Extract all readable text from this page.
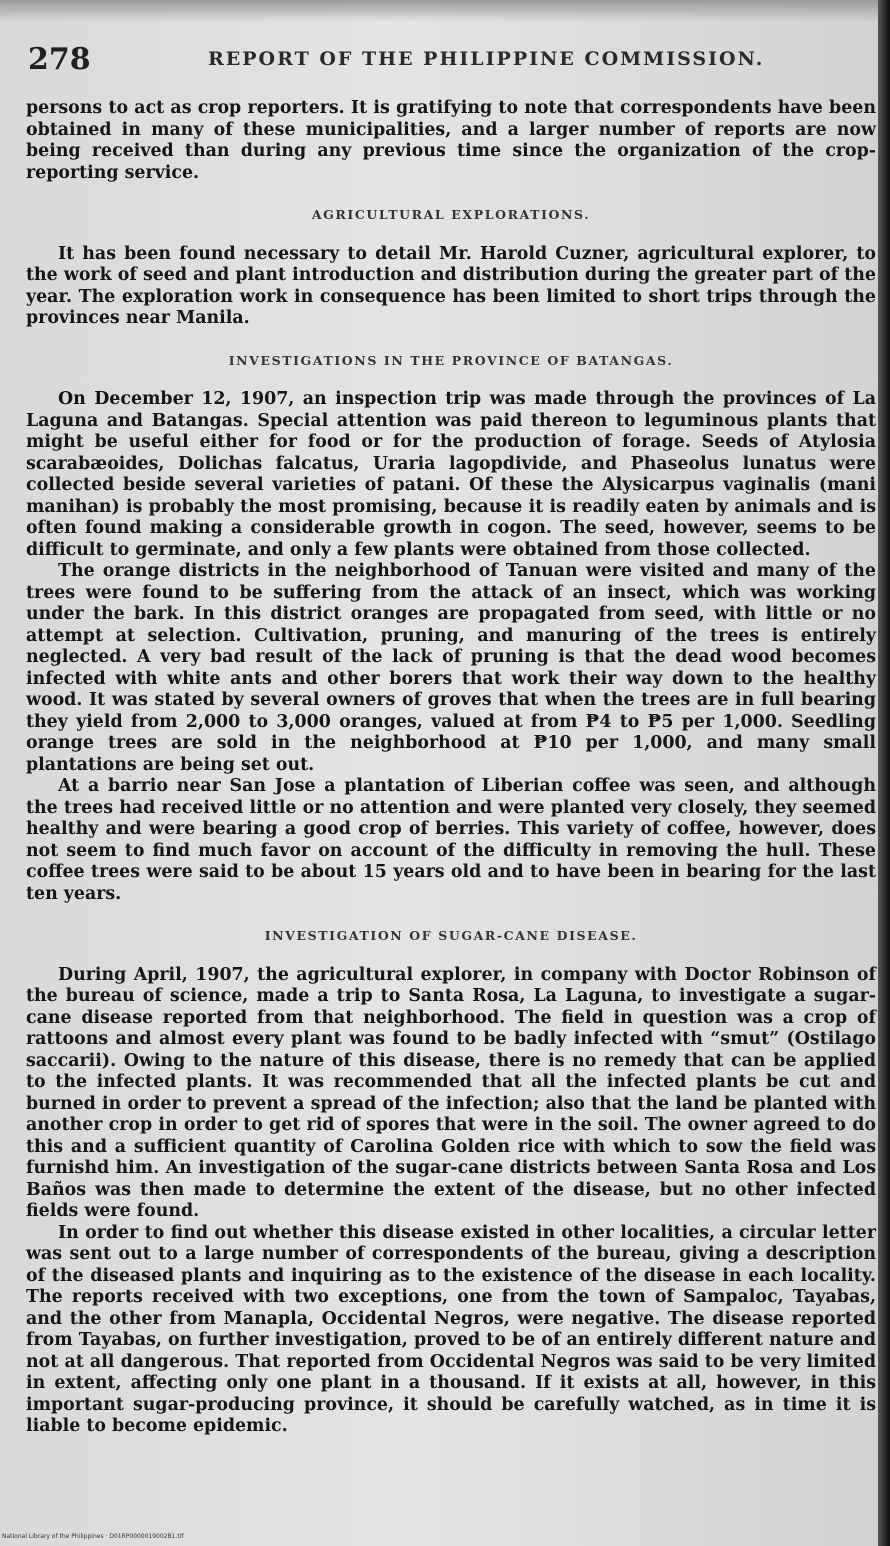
278	REPORT OF THE PHILIPPINE COMMISSION.

persons to act as crop reporters. It is gratifying to note that correspondents have been obtained in many of these municipalities, and a larger number of reports are now being received than during any previous time since the organization of the crop-reporting service.

AGRICULTURAL EXPLORATIONS.

It has been found necessary to detail Mr. Harold Cuzner, agricultural explorer, to the work of seed and plant introduction and distribution during the greater part of the year. The exploration work in consequence has been limited to short trips through the provinces near Manila.

INVESTIGATIONS IN THE PROVINCE OF BATANGAS.

On December 12, 1907, an inspection trip was made through the provinces of La Laguna and Batangas. Special attention was paid thereon to leguminous plants that might be useful either for food or for the production of forage. Seeds of Atylosia scarabæoides, Dolichas falcatus, Uraria lagopdivide, and Phaseolus lunatus were collected beside several varieties of patani. Of these the Alysicarpus vaginalis (mani manihan) is probably the most promising, because it is readily eaten by animals and is often found making a considerable growth in cogon. The seed, however, seems to be difficult to germinate, and only a few plants were obtained from those collected.

The orange districts in the neighborhood of Tanuan were visited and many of the trees were found to be suffering from the attack of an insect, which was working under the bark. In this district oranges are propagated from seed, with little or no attempt at selection. Cultivation, pruning, and manuring of the trees is entirely neglected. A very bad result of the lack of pruning is that the dead wood becomes infected with white ants and other borers that work their way down to the healthy wood. It was stated by several owners of groves that when the trees are in full bearing they yield from 2,000 to 3,000 oranges, valued at from ₱4 to ₱5 per 1,000. Seedling orange trees are sold in the neighborhood at ₱10 per 1,000, and many small plantations are being set out.

At a barrio near San Jose a plantation of Liberian coffee was seen, and although the trees had received little or no attention and were planted very closely, they seemed healthy and were bearing a good crop of berries. This variety of coffee, however, does not seem to find much favor on account of the difficulty in removing the hull. These coffee trees were said to be about 15 years old and to have been in bearing for the last ten years.

INVESTIGATION OF SUGAR-CANE DISEASE.

During April, 1907, the agricultural explorer, in company with Doctor Robinson of the bureau of science, made a trip to Santa Rosa, La Laguna, to investigate a sugar-cane disease reported from that neighborhood. The field in question was a crop of rattoons and almost every plant was found to be badly infected with “smut” (Ostilago saccarii). Owing to the nature of this disease, there is no remedy that can be applied to the infected plants. It was recommended that all the infected plants be cut and burned in order to prevent a spread of the infection; also that the land be planted with another crop in order to get rid of spores that were in the soil. The owner agreed to do this and a sufficient quantity of Carolina Golden rice with which to sow the field was furnishd him. An investigation of the sugar-cane districts between Santa Rosa and Los Baños was then made to determine the extent of the disease, but no other infected fields were found.

In order to find out whether this disease existed in other localities, a circular letter was sent out to a large number of correspondents of the bureau, giving a description of the diseased plants and inquiring as to the existence of the disease in each locality. The reports received with two exceptions, one from the town of Sampaloc, Tayabas, and the other from Manapla, Occidental Negros, were negative. The disease reported from Tayabas, on further investigation, proved to be of an entirely different nature and not at all dangerous. That reported from Occidental Negros was said to be very limited in extent, affecting only one plant in a thousand. If it exists at all, however, in this important sugar-producing province, it should be carefully watched, as in time it is liable to become epidemic.

National Library of the Philippines · D01RP0000019002B1.tif
